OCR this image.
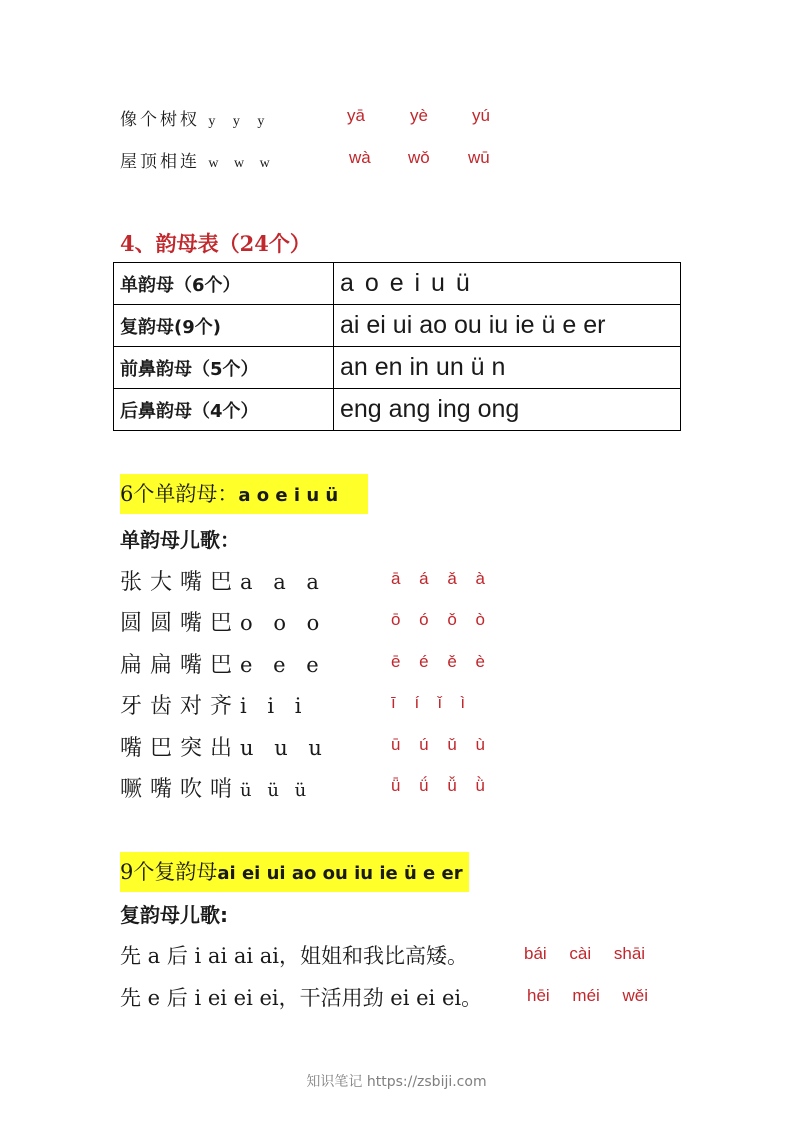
像个树杈 y y y	yā	yè	yú
屋顶相连 w w w	wà wǒ wū
4、韵母表（24个）
单韵母（6个）	a o e i u ü
复韵母(9个)	ai ei ui ao ou iu ie ü e er
前鼻韵母（5个）	an en in un ü n
后鼻韵母（4个）	eng ang ing ong
6个单韵母：a o e i u ü
单韵母儿歌：
张大嘴巴a a a	ā á ǎ à
圆圆嘴巴o o o	ō ó ǒ ò
扁扁嘴巴e e e	ē é ě è
牙齿对齐i i i	ī í ǐ ì
嘴巴突出u u u	ū ú ǔ ù
噘嘴吹哨ü ü ü	ǖ ǘ ǚ ǜ
9个复韵母ai ei ui ao ou iu ie ü e er
复韵母儿歌:
先 a 后 i ai ai ai，姐姐和我比高矮。	bái cài shāi
先 e 后 i ei ei ei，干活用劲 ei ei ei。	hēi méi wěi
知识笔记 https://zsbiji.com
